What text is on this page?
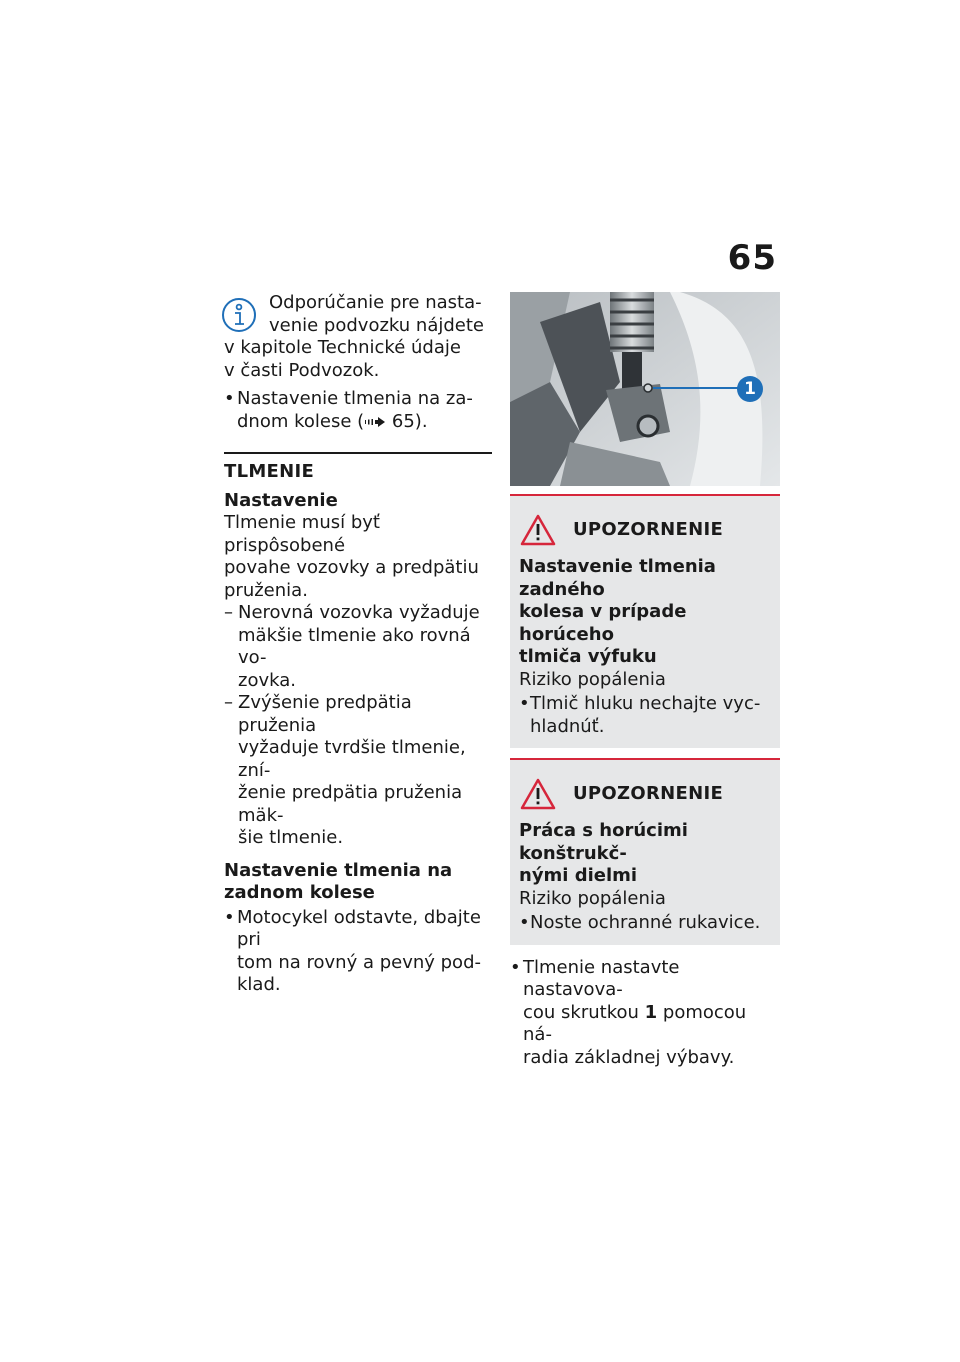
65
Odporúčanie pre nasta-
venie podvozku nájdete
v kapitole Technické údaje
v časti Podvozok.
• Nastavenie tlmenia na za-
dnom kolese ( 65).
TLMENIE
Nastavenie
Tlmenie musí byť prispôsobené
povahe vozovky a predpätiu
pruženia.
– Nerovná vozovka vyžaduje
mäkšie tlmenie ako rovná vo-
zovka.
– Zvýšenie predpätia pruženia
vyžaduje tvrdšie tlmenie, zní-
ženie predpätia pruženia mäk-
šie tlmenie.
Nastavenie tlmenia na
zadnom kolese
• Motocykel odstavte, dbajte pri
tom na rovný a pevný pod-
klad.
1
UPOZORNENIE
Nastavenie tlmenia zadného
kolesa v prípade horúceho
tlmiča výfuku
Riziko popálenia
• Tlmič hluku nechajte vyc-
hladnúť.
UPOZORNENIE
Práca s horúcimi konštrukč-
nými dielmi
Riziko popálenia
• Noste ochranné rukavice.
• Tlmenie nastavte nastavova-
cou skrutkou 1 pomocou ná-
radia základnej výbavy.
